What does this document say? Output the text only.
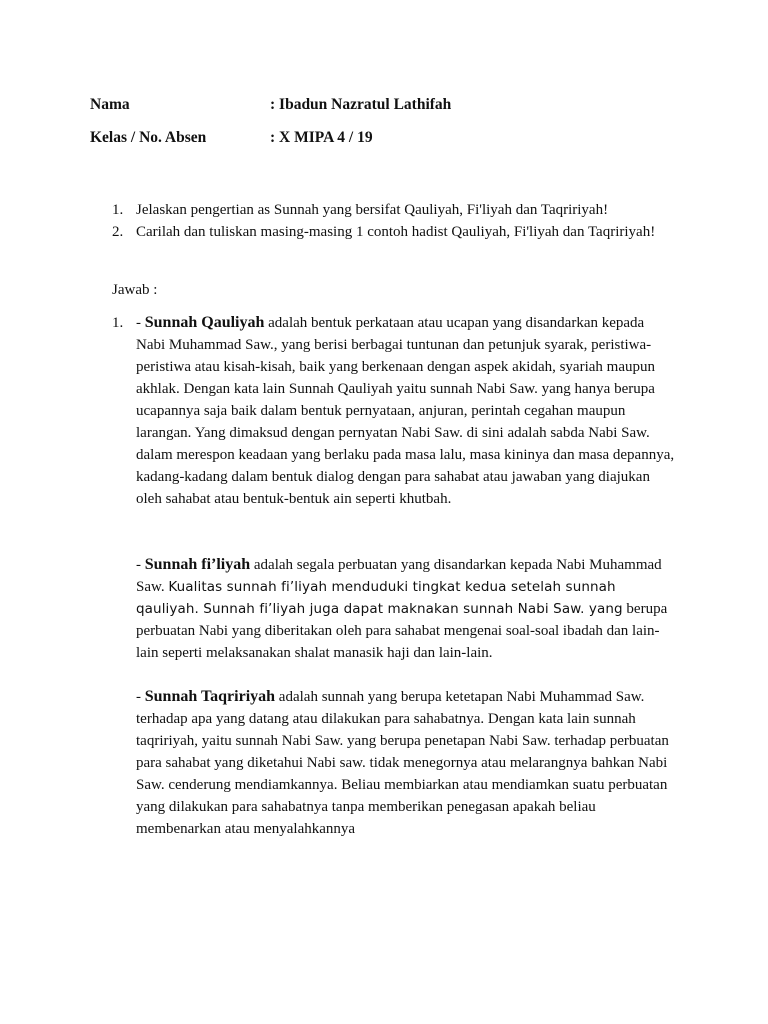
Nama	: Ibadun Nazratul Lathifah
Kelas / No. Absen	: X MIPA 4 / 19
1. Jelaskan pengertian as Sunnah yang bersifat Qauliyah, Fi'liyah dan Taqririyah!
2. Carilah dan tuliskan masing-masing 1 contoh hadist Qauliyah, Fi'liyah dan Taqririyah!
Jawab :
1. - Sunnah Qauliyah adalah bentuk perkataan atau ucapan yang disandarkan kepada Nabi Muhammad Saw., yang berisi berbagai tuntunan dan petunjuk syarak, peristiwa-peristiwa atau kisah-kisah, baik yang berkenaan dengan aspek akidah, syariah maupun akhlak. Dengan kata lain Sunnah Qauliyah yaitu sunnah Nabi Saw. yang hanya berupa ucapannya saja baik dalam bentuk pernyataan, anjuran, perintah cegahan maupun larangan. Yang dimaksud dengan pernyatan Nabi Saw. di sini adalah sabda Nabi Saw. dalam merespon keadaan yang berlaku pada masa lalu, masa kininya dan masa depannya, kadang-kadang dalam bentuk dialog dengan para sahabat atau jawaban yang diajukan oleh sahabat atau bentuk-bentuk ain seperti khutbah.

- Sunnah fi’liyah adalah segala perbuatan yang disandarkan kepada Nabi Muhammad Saw. Kualitas sunnah fi’liyah menduduki tingkat kedua setelah sunnah qauliyah. Sunnah fi’liyah juga dapat maknakan sunnah Nabi Saw. yang berupa perbuatan Nabi yang diberitakan oleh para sahabat mengenai soal-soal ibadah dan lain-lain seperti melaksanakan shalat manasik haji dan lain-lain.

- Sunnah Taqririyah adalah sunnah yang berupa ketetapan Nabi Muhammad Saw. terhadap apa yang datang atau dilakukan para sahabatnya. Dengan kata lain sunnah taqririyah, yaitu sunnah Nabi Saw. yang berupa penetapan Nabi Saw. terhadap perbuatan para sahabat yang diketahui Nabi saw. tidak menegornya atau melarangnya bahkan Nabi Saw. cenderung mendiamkannya. Beliau membiarkan atau mendiamkan suatu perbuatan yang dilakukan para sahabatnya tanpa memberikan penegasan apakah beliau membenarkan atau menyalahkannya
